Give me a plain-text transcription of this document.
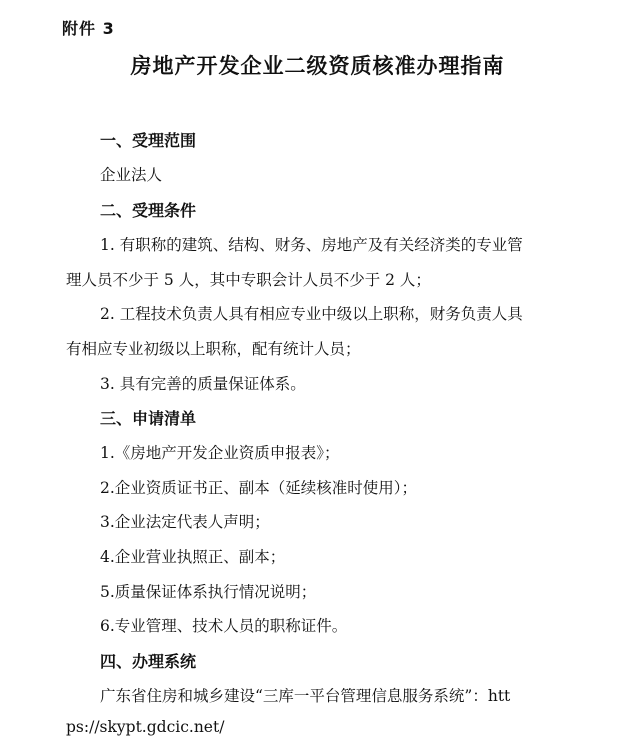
附件 3
房地产开发企业二级资质核准办理指南
一、受理范围
企业法人
二、受理条件
1. 有职称的建筑、结构、财务、房地产及有关经济类的专业管
理人员不少于 5 人，其中专职会计人员不少于 2 人；
2. 工程技术负责人具有相应专业中级以上职称，财务负责人具
有相应专业初级以上职称，配有统计人员；
3. 具有完善的质量保证体系。
三、申请清单
1.《房地产开发企业资质申报表》；
2.企业资质证书正、副本（延续核准时使用）；
3.企业法定代表人声明；
4.企业营业执照正、副本；
5.质量保证体系执行情况说明；
6.专业管理、技术人员的职称证件。
四、办理系统
广东省住房和城乡建设“三库一平台管理信息服务系统”：htt
ps://skypt.gdcic.net/
